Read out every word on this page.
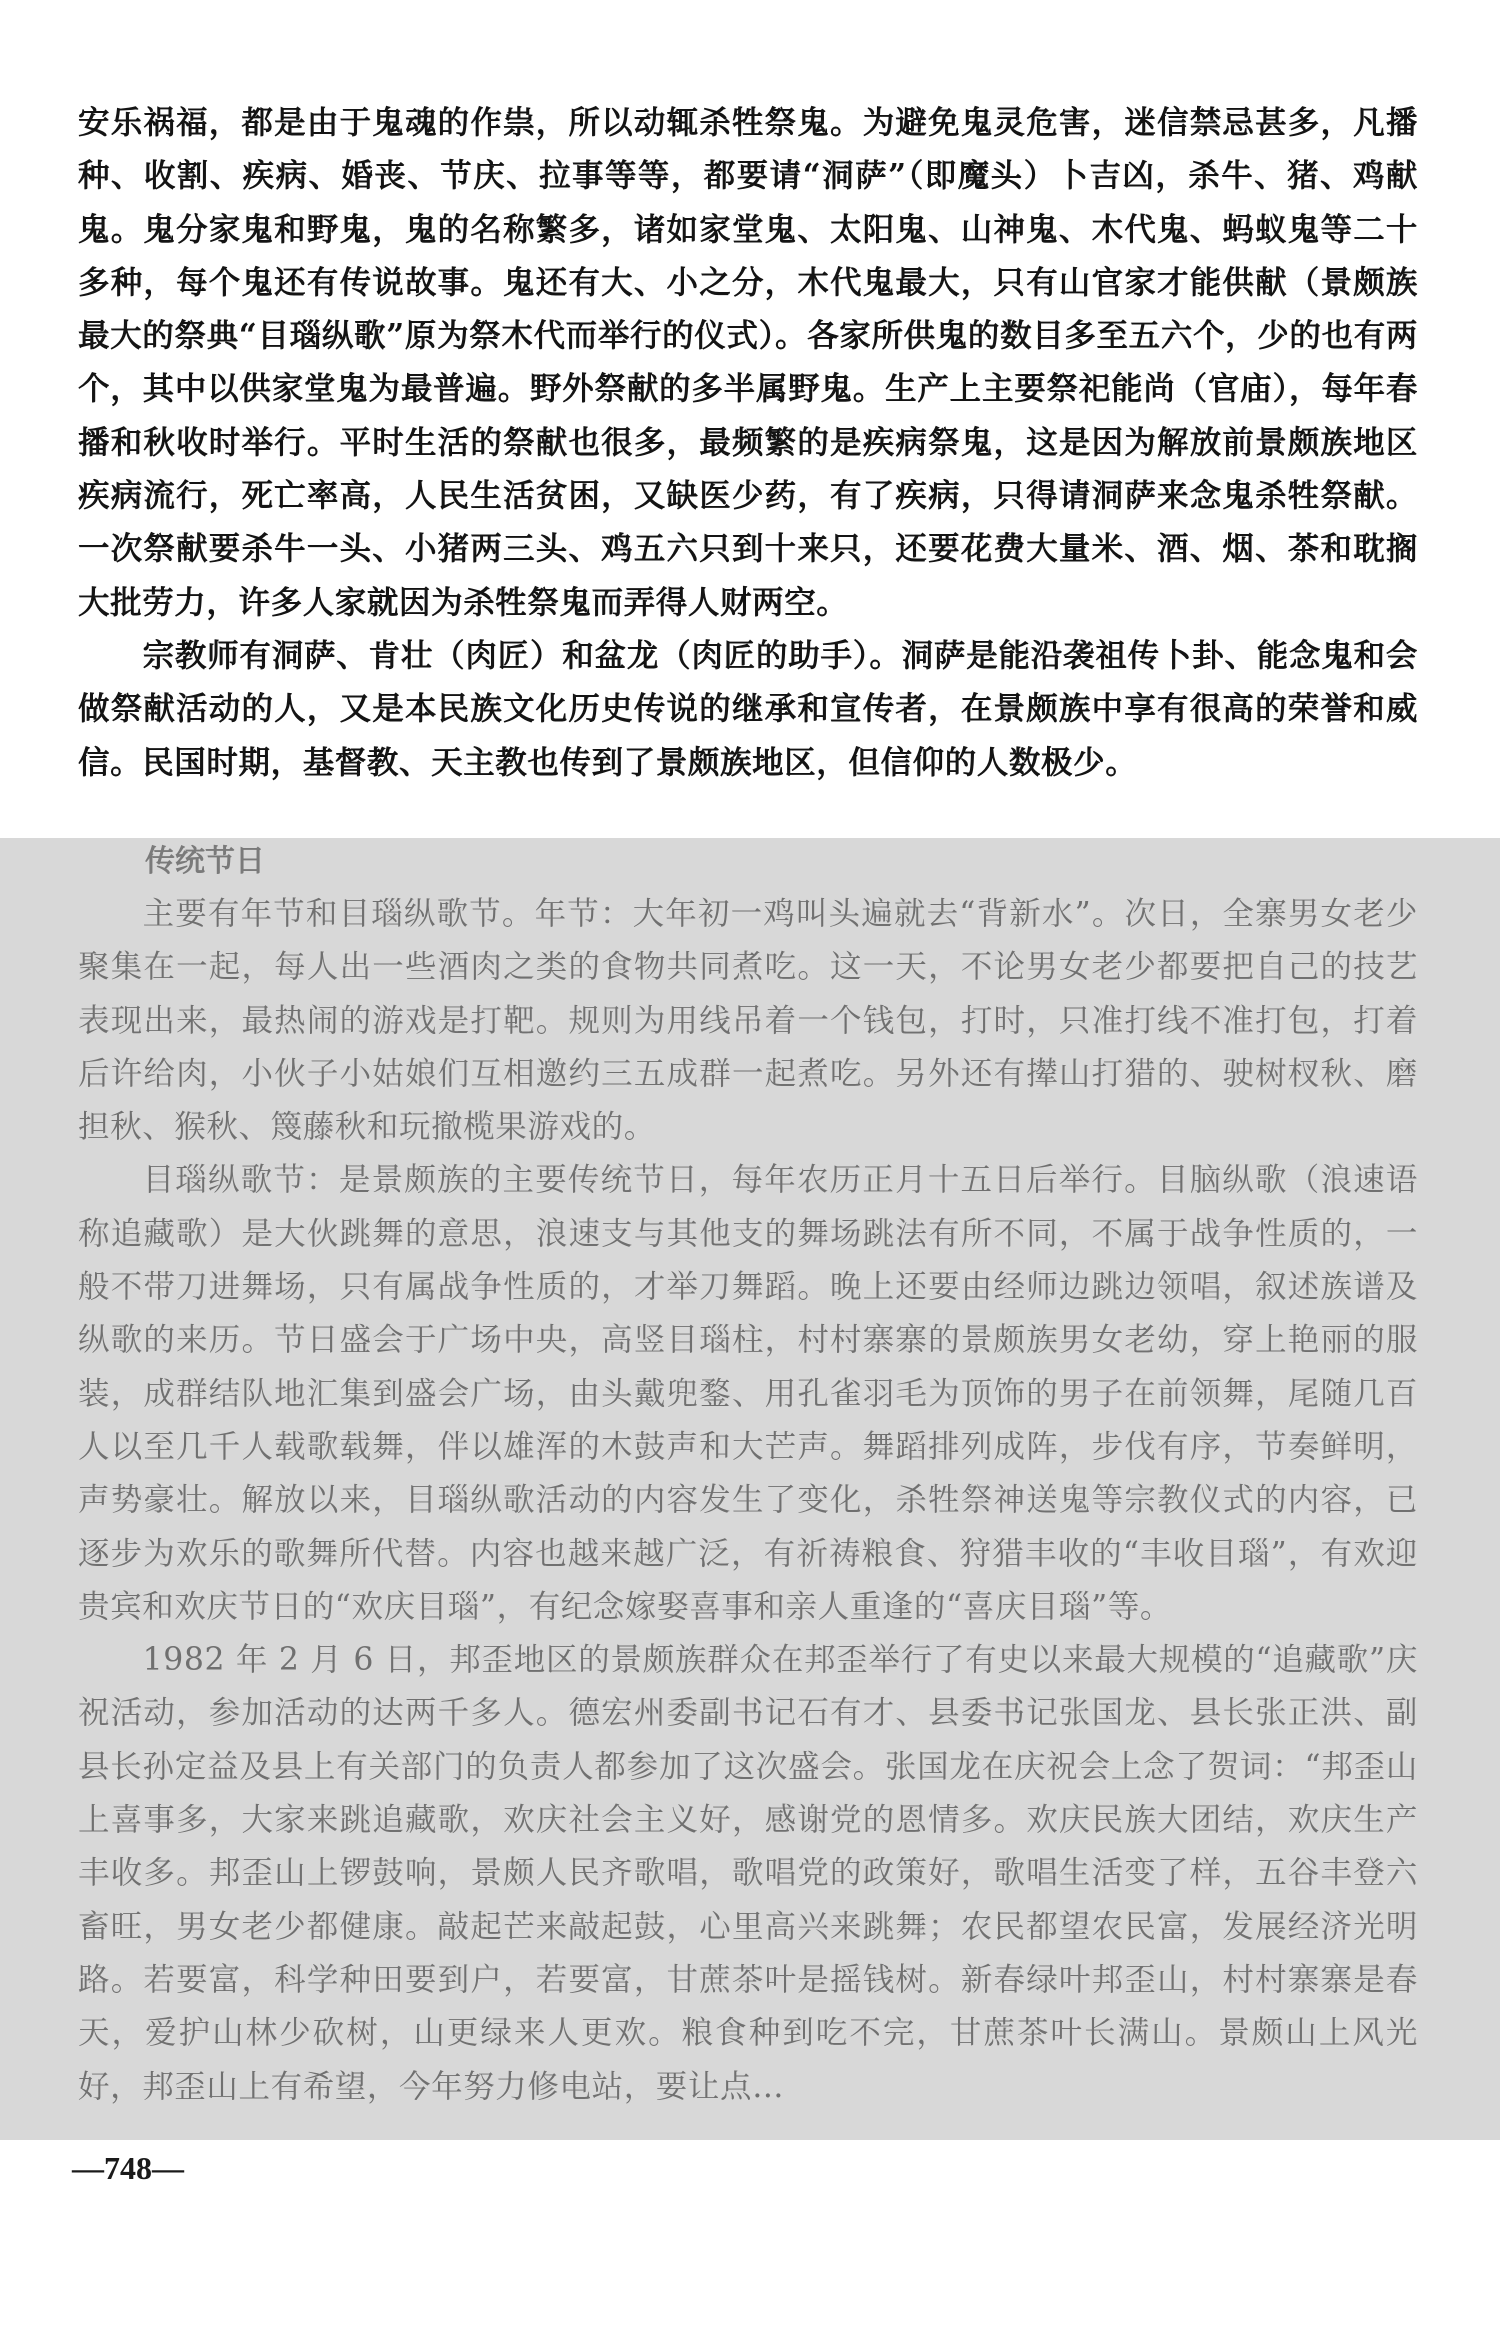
安乐祸福，都是由于鬼魂的作祟，所以动辄杀牲祭鬼。为避免鬼灵危害，迷信禁忌甚多，凡播种、收割、疾病、婚丧、节庆、拉事等等，都要请“洞萨”（即魔头）卜吉凶，杀牛、猪、鸡献鬼。鬼分家鬼和野鬼，鬼的名称繁多，诸如家堂鬼、太阳鬼、山神鬼、木代鬼、蚂蚁鬼等二十多种，每个鬼还有传说故事。鬼还有大、小之分，木代鬼最大，只有山官家才能供献（景颇族最大的祭典“目瑙纵歌”原为祭木代而举行的仪式）。各家所供鬼的数目多至五六个，少的也有两个，其中以供家堂鬼为最普遍。野外祭献的多半属野鬼。生产上主要祭祀能尚（官庙），每年春播和秋收时举行。平时生活的祭献也很多，最频繁的是疾病祭鬼，这是因为解放前景颇族地区疾病流行，死亡率高，人民生活贫困，又缺医少药，有了疾病，只得请洞萨来念鬼杀牲祭献。一次祭献要杀牛一头、小猪两三头、鸡五六只到十来只，还要花费大量米、酒、烟、茶和耽搁大批劳力，许多人家就因为杀牲祭鬼而弄得人财两空。

宗教师有洞萨、肯壮（肉匠）和盆龙（肉匠的助手）。洞萨是能沿袭祖传卜卦、能念鬼和会做祭献活动的人，又是本民族文化历史传说的继承和宣传者，在景颇族中享有很高的荣誉和威信。民国时期，基督教、天主教也传到了景颇族地区，但信仰的人数极少。

传统节日

主要有年节和目瑙纵歌节。年节：大年初一鸡叫头遍就去“背新水”。次日，全寨男女老少聚集在一起，每人出一些酒肉之类的食物共同煮吃。这一天，不论男女老少都要把自己的技艺表现出来，最热闹的游戏是打靶。规则为用线吊着一个钱包，打时，只准打线不准打包，打着后许给肉，小伙子小姑娘们互相邀约三五成群一起煮吃。另外还有撵山打猎的、驶树杈秋、磨担秋、猴秋、篾藤秋和玩撤榄果游戏的。

目瑙纵歌节：是景颇族的主要传统节日，每年农历正月十五日后举行。目脑纵歌（浪速语称追藏歌）是大伙跳舞的意思，浪速支与其他支的舞场跳法有所不同，不属于战争性质的，一般不带刀进舞场，只有属战争性质的，才举刀舞蹈。晚上还要由经师边跳边领唱，叙述族谱及纵歌的来历。节日盛会于广场中央，高竖目瑙柱，村村寨寨的景颇族男女老幼，穿上艳丽的服装，成群结队地汇集到盛会广场，由头戴兜鍪、用孔雀羽毛为顶饰的男子在前领舞，尾随几百人以至几千人载歌载舞，伴以雄浑的木鼓声和大芒声。舞蹈排列成阵，步伐有序，节奏鲜明，声势豪壮。解放以来，目瑙纵歌活动的内容发生了变化，杀牲祭神送鬼等宗教仪式的内容，已逐步为欢乐的歌舞所代替。内容也越来越广泛，有祈祷粮食、狩猎丰收的“丰收目瑙”，有欢迎贵宾和欢庆节日的“欢庆目瑙”，有纪念嫁娶喜事和亲人重逢的“喜庆目瑙”等。

1982 年 2 月 6 日，邦歪地区的景颇族群众在邦歪举行了有史以来最大规模的“追藏歌”庆祝活动，参加活动的达两千多人。德宏州委副书记石有才、县委书记张国龙、县长张正洪、副县长孙定益及县上有关部门的负责人都参加了这次盛会。张国龙在庆祝会上念了贺词：“邦歪山上喜事多，大家来跳追藏歌，欢庆社会主义好，感谢党的恩情多。欢庆民族大团结，欢庆生产丰收多。邦歪山上锣鼓响，景颇人民齐歌唱，歌唱党的政策好，歌唱生活变了样，五谷丰登六畜旺，男女老少都健康。敲起芒来敲起鼓，心里高兴来跳舞；农民都望农民富，发展经济光明路。若要富，科学种田要到户，若要富，甘蔗茶叶是摇钱树。新春绿叶邦歪山，村村寨寨是春天，爱护山林少砍树，山更绿来人更欢。粮食种到吃不完，甘蔗茶叶长满山。景颇山上风光好，邦歪山上有希望，今年努力修电站，要让点…

—748—
